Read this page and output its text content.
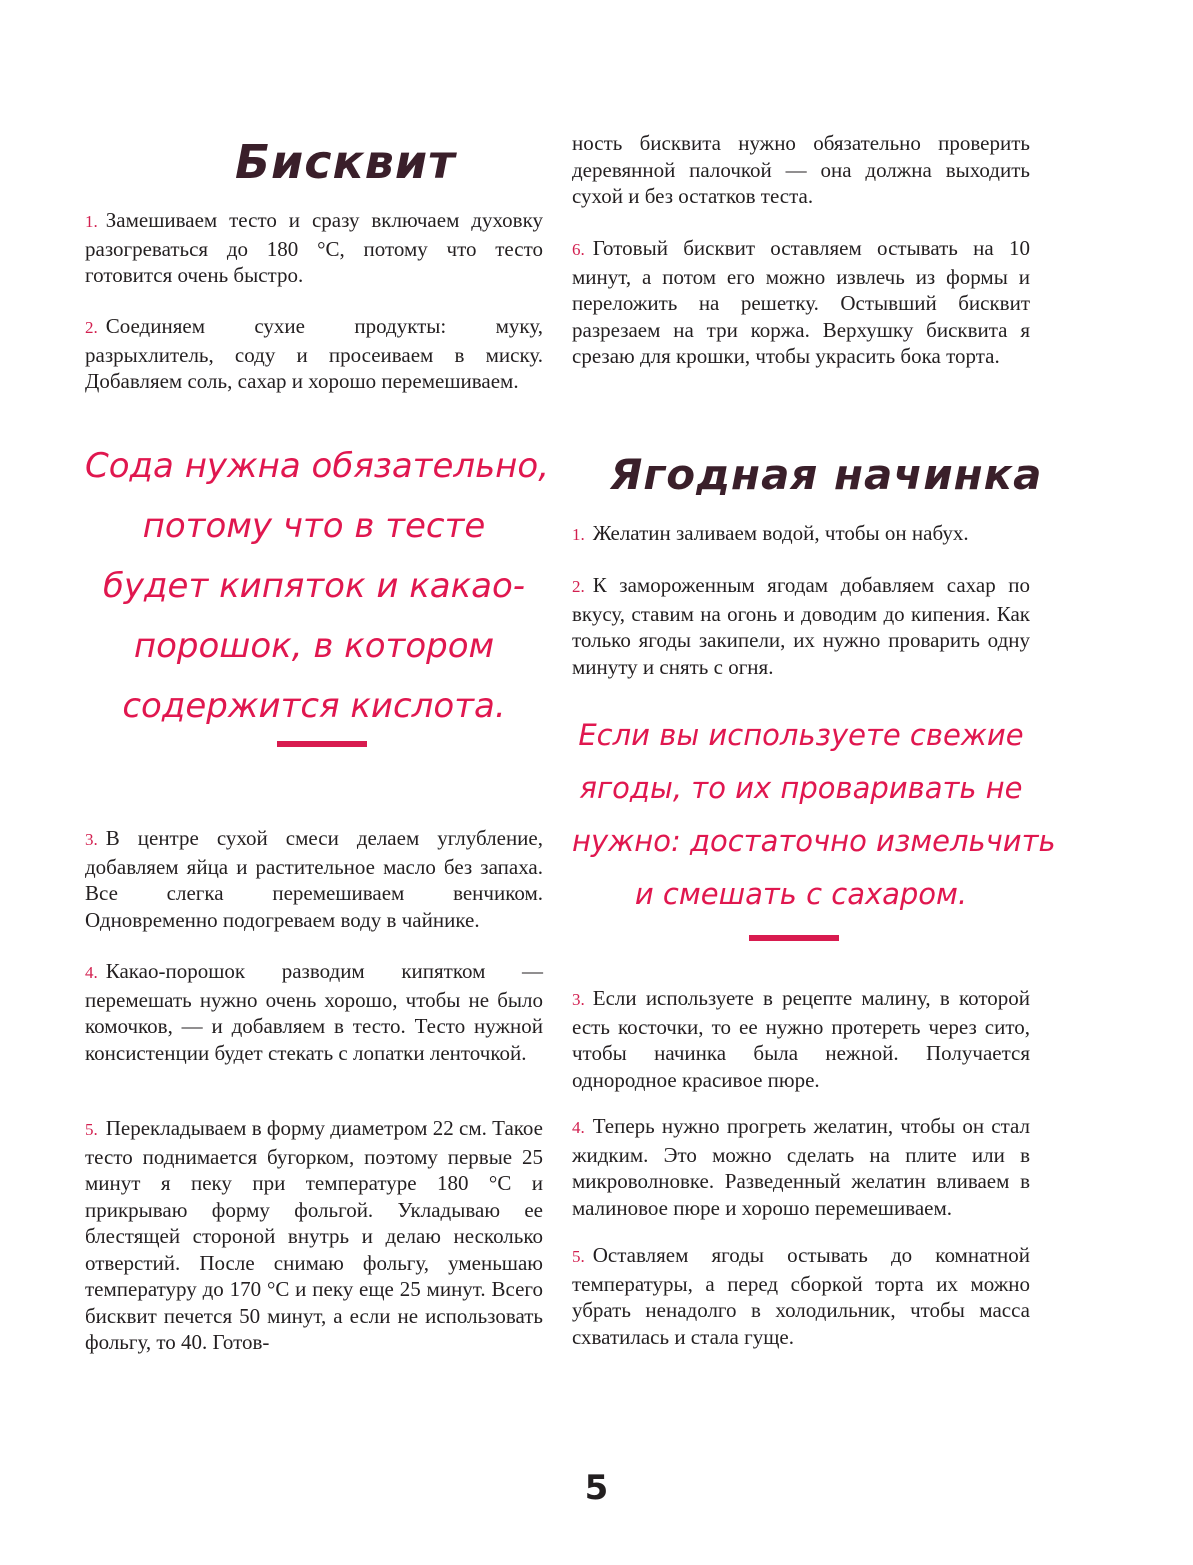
Бисквит

1. Замешиваем тесто и сразу включаем духовку разогреваться до 180 °С, потому что тесто готовится очень быстро.

2. Соединяем сухие продукты: муку, разрыхлитель, соду и просеиваем в миску. Добавляем соль, сахар и хорошо перемешиваем.

Сода нужна обязательно,
потому что в тесте
будет кипяток и какао-
порошок, в котором
содержится кислота.

3. В центре сухой смеси делаем углубление, добавляем яйца и растительное масло без запаха. Все слегка перемешиваем венчиком. Одновременно подогреваем воду в чайнике.

4. Какао-порошок разводим кипятком — перемешать нужно очень хорошо, чтобы не было комочков, — и добавляем в тесто. Тесто нужной консистенции будет стекать с лопатки ленточкой.

5. Перекладываем в форму диаметром 22 см. Такое тесто поднимается бугорком, поэтому первые 25 минут я пеку при температуре 180 °С и прикрываю форму фольгой. Укладываю ее блестящей стороной внутрь и делаю несколько отверстий. После снимаю фольгу, уменьшаю температуру до 170 °С и пеку еще 25 минут. Всего бисквит печется 50 минут, а если не использовать фольгу, то 40. Готов-

ность бисквита нужно обязательно проверить деревянной палочкой — она должна выходить сухой и без остатков теста.

6. Готовый бисквит оставляем остывать на 10 минут, а потом его можно извлечь из формы и переложить на решетку. Остывший бисквит разрезаем на три коржа. Верхушку бисквита я срезаю для крошки, чтобы украсить бока торта.

Ягодная начинка

1. Желатин заливаем водой, чтобы он набух.

2. К замороженным ягодам добавляем сахар по вкусу, ставим на огонь и доводим до кипения. Как только ягоды закипели, их нужно проварить одну минуту и снять с огня.

Если вы используете свежие
ягоды, то их проваривать не
нужно: достаточно измельчить
и смешать с сахаром.

3. Если используете в рецепте малину, в которой есть косточки, то ее нужно протереть через сито, чтобы начинка была нежной. Получается однородное красивое пюре.

4. Теперь нужно прогреть желатин, чтобы он стал жидким. Это можно сделать на плите или в микроволновке. Разведенный желатин вливаем в малиновое пюре и хорошо перемешиваем.

5. Оставляем ягоды остывать до комнатной температуры, а перед сборкой торта их можно убрать ненадолго в холодильник, чтобы масса схватилась и стала гуще.

5
